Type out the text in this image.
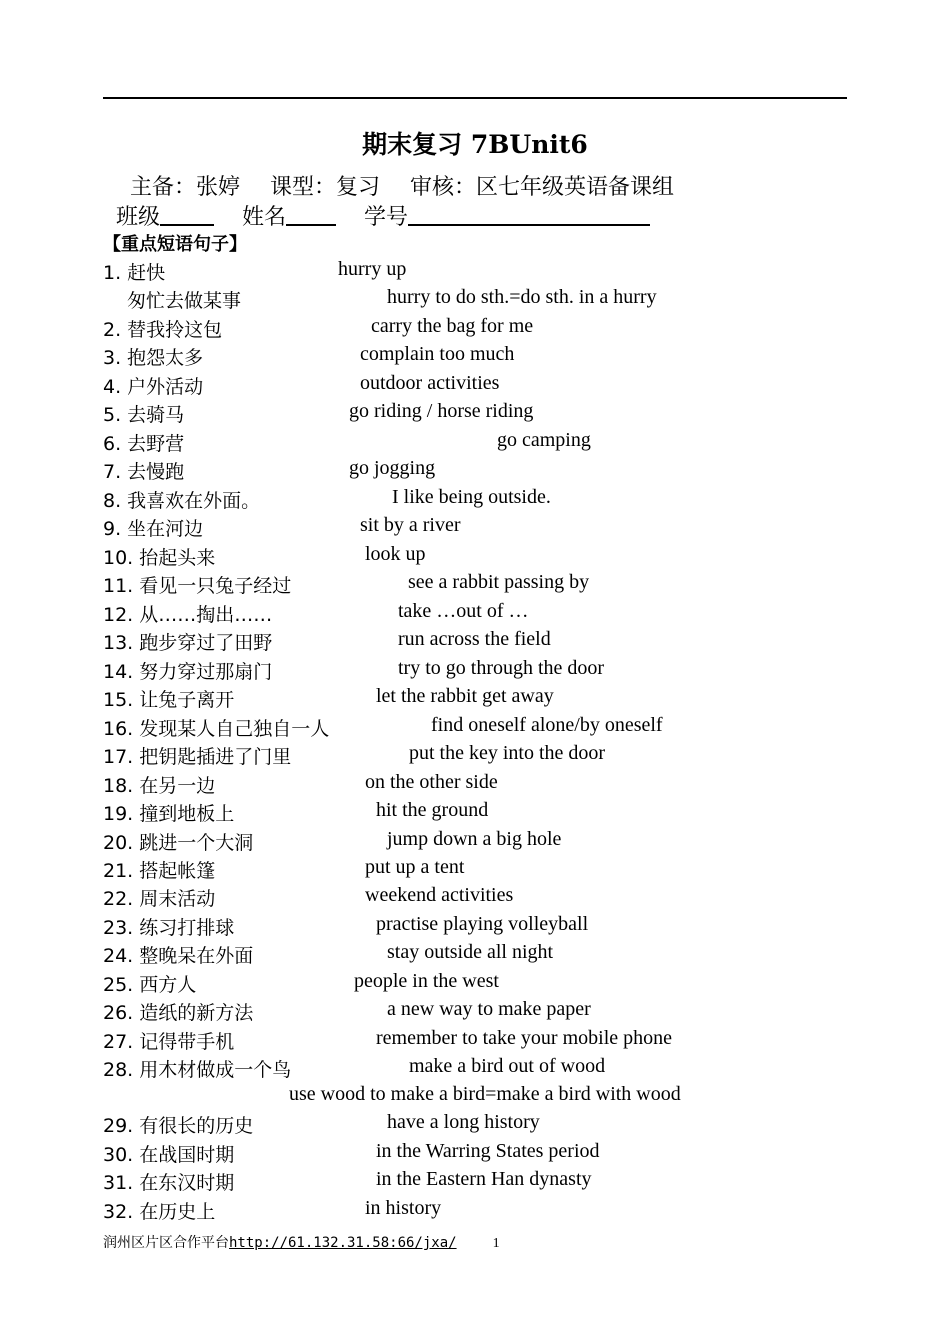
期末复习 7BUnit6
主备：张婷 课型：复习 审核：区七年级英语备课组
班级	姓名	学号
【重点短语句子】
1. 赶快	hurry up
匆忙去做某事	hurry to do sth.=do sth. in a hurry
2. 替我拎这包	carry the bag for me
3. 抱怨太多	complain too much
4. 户外活动	outdoor activities
5. 去骑马	go riding / horse riding
6. 去野营	go camping
7. 去慢跑	go jogging
8. 我喜欢在外面。	I like being outside.
9. 坐在河边	sit by a river
10. 抬起头来	look up
11. 看见一只兔子经过	see a rabbit passing by
12. 从……掏出……	take …out of …
13. 跑步穿过了田野	run across the field
14. 努力穿过那扇门	try to go through the door
15. 让兔子离开	let the rabbit get away
16. 发现某人自己独自一人	find oneself alone/by oneself
17. 把钥匙插进了门里	put the key into the door
18. 在另一边	on the other side
19. 撞到地板上	hit the ground
20. 跳进一个大洞	jump down a big hole
21. 搭起帐篷	put up a tent
22. 周末活动	weekend activities
23. 练习打排球	practise playing volleyball
24. 整晚呆在外面	stay outside all night
25. 西方人	people in the west
26. 造纸的新方法	a new way to make paper
27. 记得带手机	remember to take your mobile phone
28. 用木材做成一个鸟	make a bird out of wood
use wood to make a bird=make a bird with wood
29. 有很长的历史	have a long history
30. 在战国时期	in the Warring States period
31. 在东汉时期	in the Eastern Han dynasty
32. 在历史上	in history
润州区片区合作平台http://61.132.31.58:66/jxa/	1
